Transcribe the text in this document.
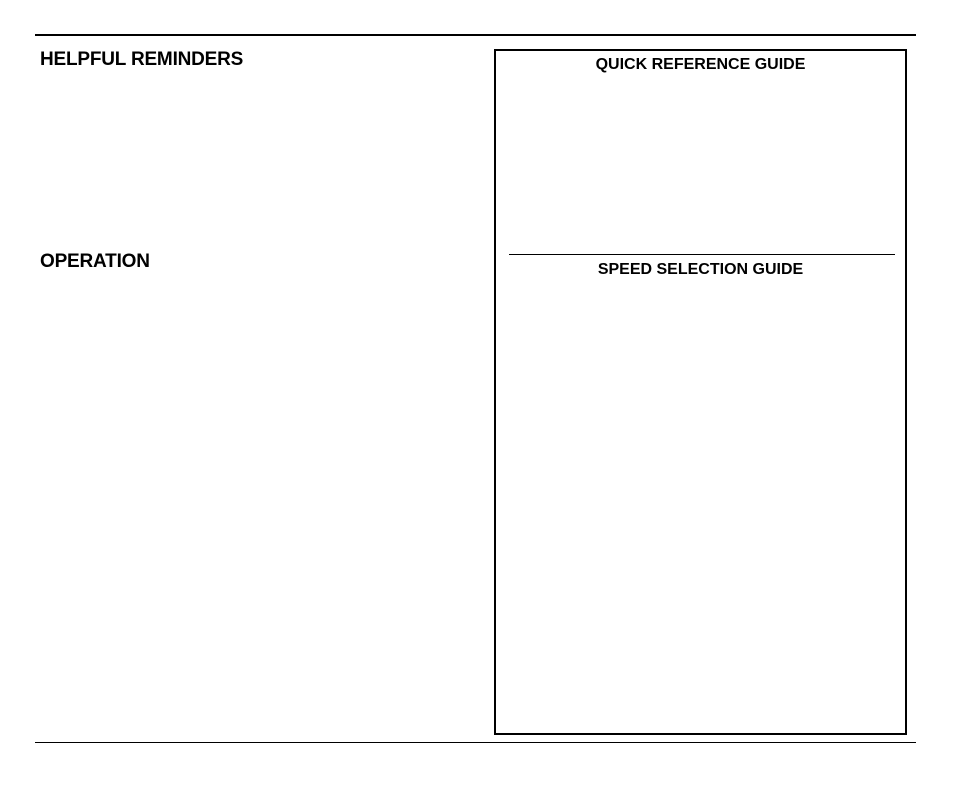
HELPFUL REMINDERS
OPERATION
QUICK REFERENCE GUIDE
SPEED SELECTION GUIDE
